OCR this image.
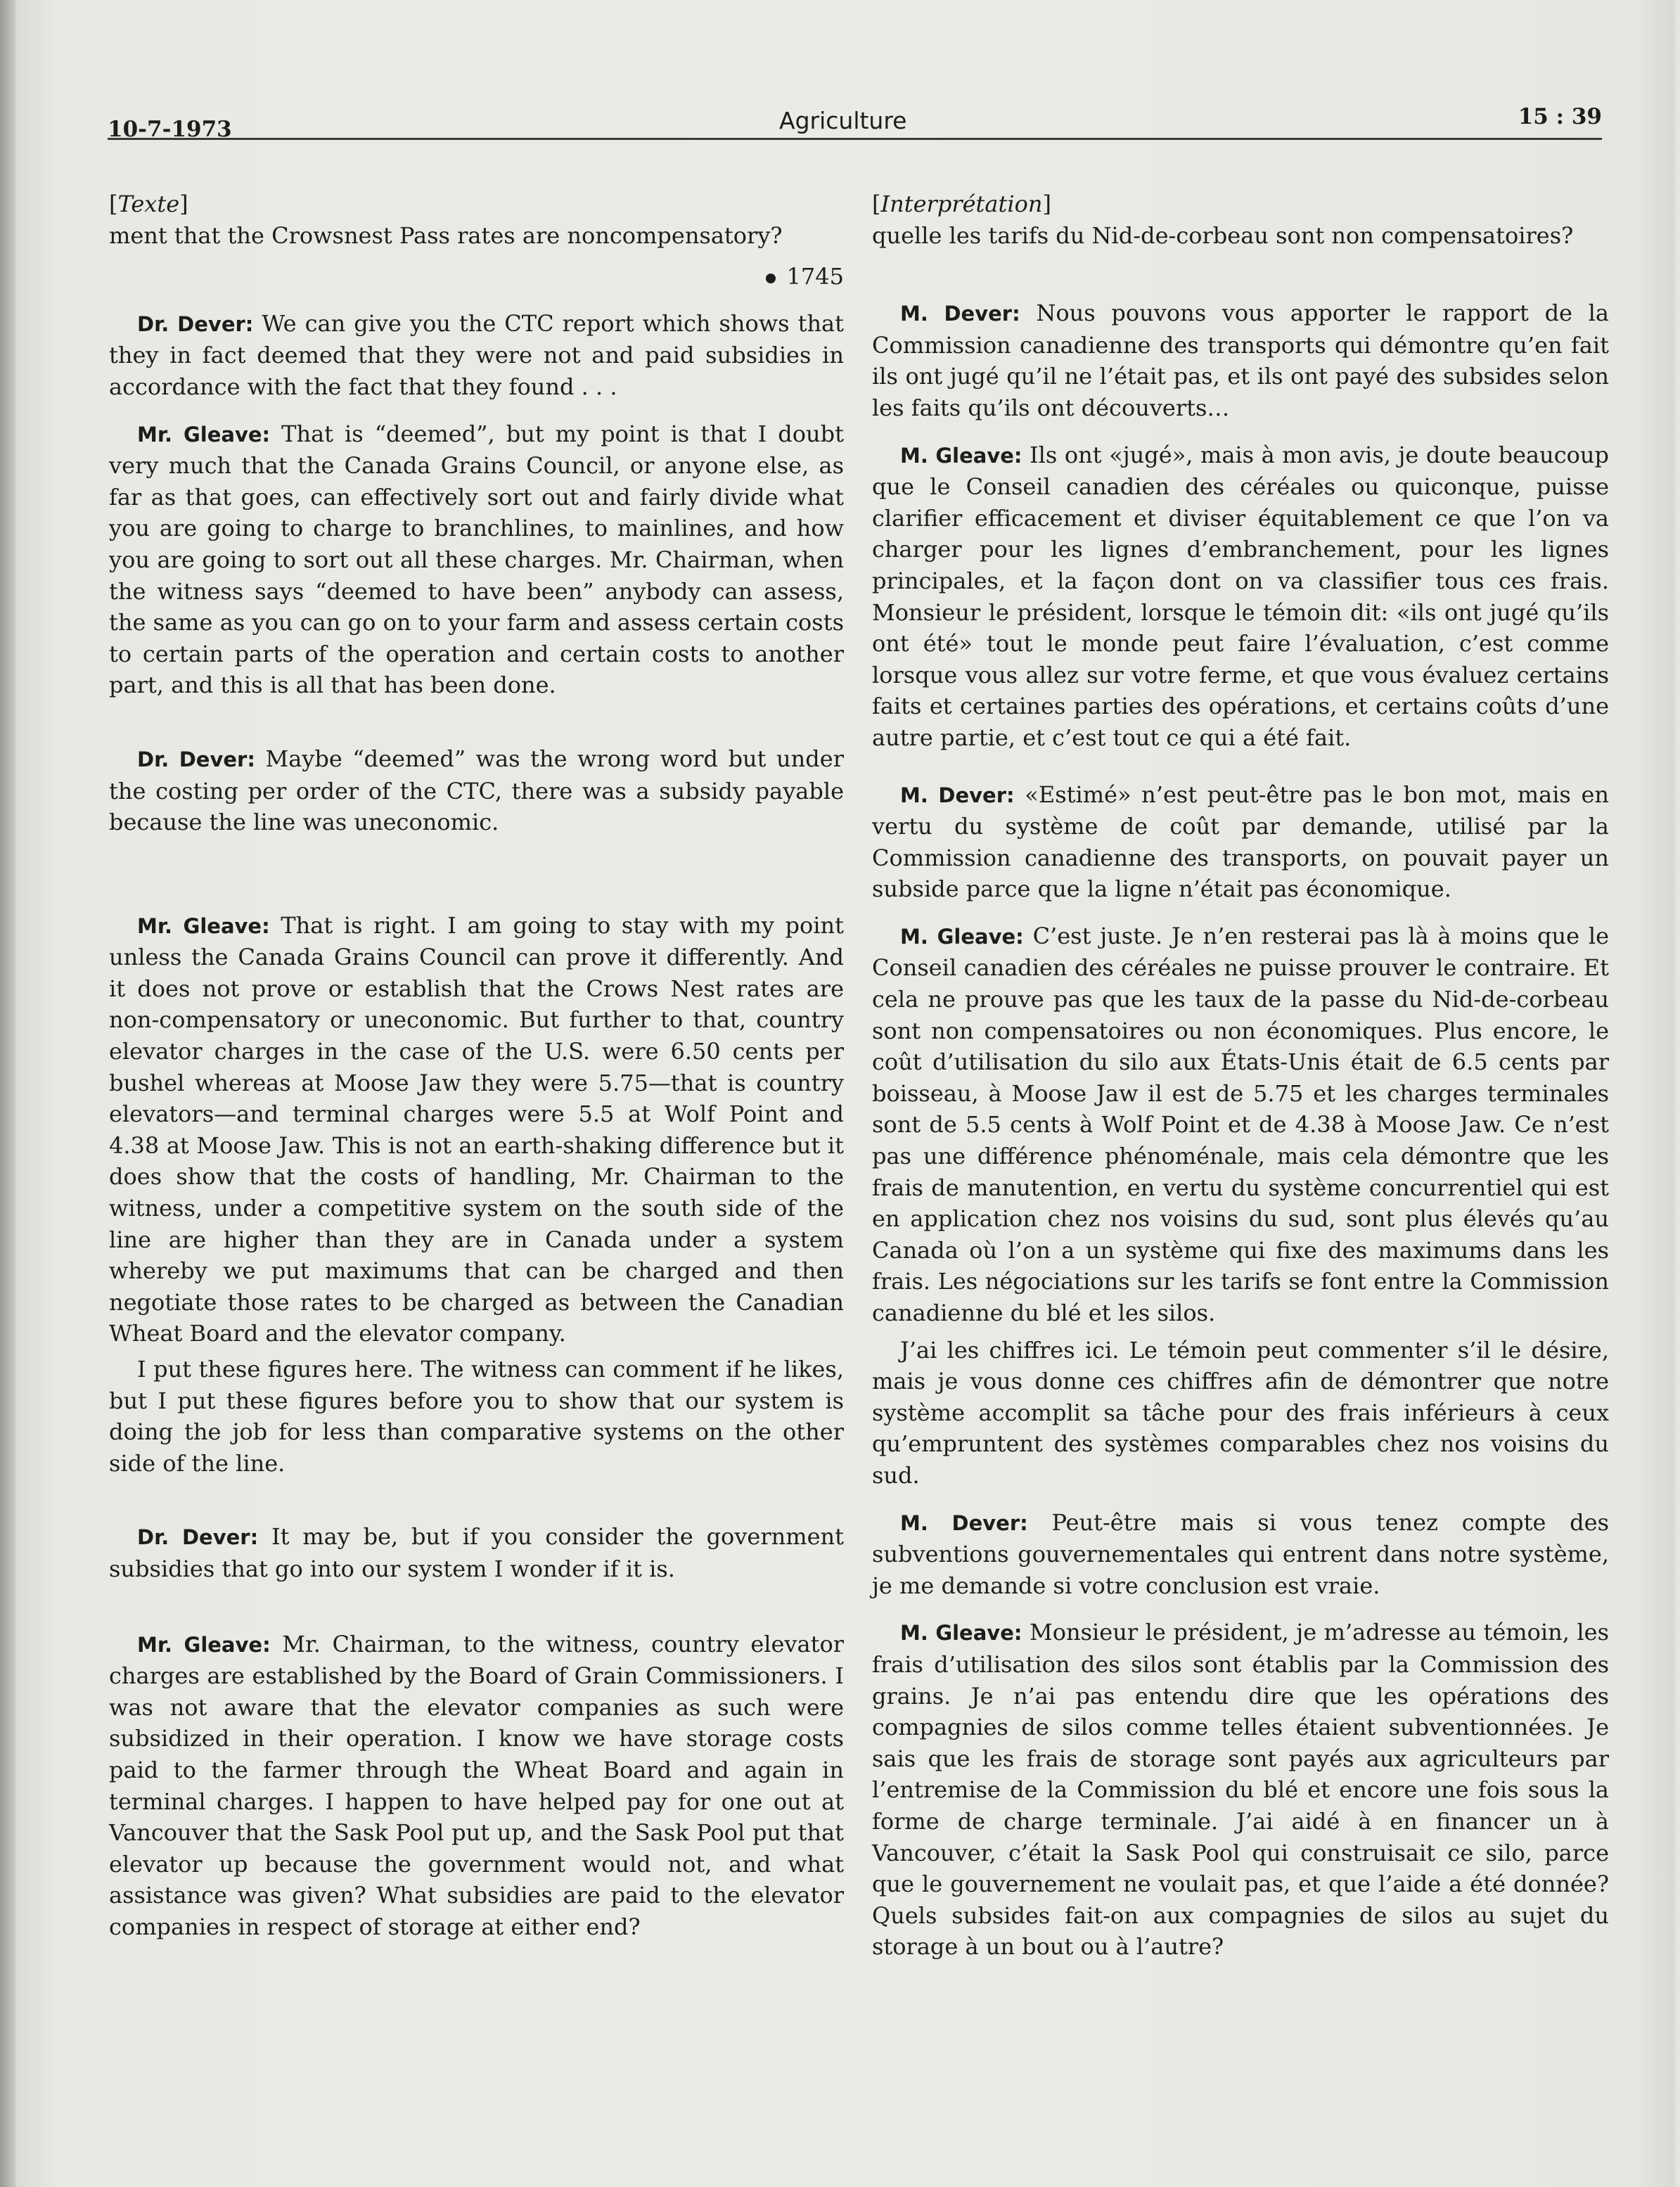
10-7-1973	Agriculture	15 : 39

[Texte]

ment that the Crowsnest Pass rates are noncompensatory?

1745

Dr. Dever: We can give you the CTC report which shows that they in fact deemed that they were not and paid subsidies in accordance with the fact that they found . . .

Mr. Gleave: That is “deemed”, but my point is that I doubt very much that the Canada Grains Council, or anyone else, as far as that goes, can effectively sort out and fairly divide what you are going to charge to branchlines, to mainlines, and how you are going to sort out all these charges. Mr. Chairman, when the witness says “deemed to have been” anybody can assess, the same as you can go on to your farm and assess certain costs to certain parts of the operation and certain costs to another part, and this is all that has been done.

Dr. Dever: Maybe “deemed” was the wrong word but under the costing per order of the CTC, there was a subsidy payable because the line was uneconomic.

Mr. Gleave: That is right. I am going to stay with my point unless the Canada Grains Council can prove it differently. And it does not prove or establish that the Crows Nest rates are non-compensatory or uneconomic. But further to that, country elevator charges in the case of the U.S. were 6.50 cents per bushel whereas at Moose Jaw they were 5.75—that is country elevators—and terminal charges were 5.5 at Wolf Point and 4.38 at Moose Jaw. This is not an earth-shaking difference but it does show that the costs of handling, Mr. Chairman to the witness, under a competitive system on the south side of the line are higher than they are in Canada under a system whereby we put maximums that can be charged and then negotiate those rates to be charged as between the Canadian Wheat Board and the elevator company.

I put these figures here. The witness can comment if he likes, but I put these figures before you to show that our system is doing the job for less than comparative systems on the other side of the line.

Dr. Dever: It may be, but if you consider the government subsidies that go into our system I wonder if it is.

Mr. Gleave: Mr. Chairman, to the witness, country elevator charges are established by the Board of Grain Commissioners. I was not aware that the elevator companies as such were subsidized in their operation. I know we have storage costs paid to the farmer through the Wheat Board and again in terminal charges. I happen to have helped pay for one out at Vancouver that the Sask Pool put up, and the Sask Pool put that elevator up because the government would not, and what assistance was given? What subsidies are paid to the elevator companies in respect of storage at either end?

[Interprétation]

quelle les tarifs du Nid-de-corbeau sont non compensatoires?

M. Dever: Nous pouvons vous apporter le rapport de la Commission canadienne des transports qui démontre qu’en fait ils ont jugé qu’il ne l’était pas, et ils ont payé des subsides selon les faits qu’ils ont découverts…

M. Gleave: Ils ont «jugé», mais à mon avis, je doute beaucoup que le Conseil canadien des céréales ou quiconque, puisse clarifier efficacement et diviser équitablement ce que l’on va charger pour les lignes d’embranchement, pour les lignes principales, et la façon dont on va classifier tous ces frais. Monsieur le président, lorsque le témoin dit: «ils ont jugé qu’ils ont été» tout le monde peut faire l’évaluation, c’est comme lorsque vous allez sur votre ferme, et que vous évaluez certains faits et certaines parties des opérations, et certains coûts d’une autre partie, et c’est tout ce qui a été fait.

M. Dever: «Estimé» n’est peut-être pas le bon mot, mais en vertu du système de coût par demande, utilisé par la Commission canadienne des transports, on pouvait payer un subside parce que la ligne n’était pas économique.

M. Gleave: C’est juste. Je n’en resterai pas là à moins que le Conseil canadien des céréales ne puisse prouver le contraire. Et cela ne prouve pas que les taux de la passe du Nid-de-corbeau sont non compensatoires ou non économiques. Plus encore, le coût d’utilisation du silo aux États-Unis était de 6.5 cents par boisseau, à Moose Jaw il est de 5.75 et les charges terminales sont de 5.5 cents à Wolf Point et de 4.38 à Moose Jaw. Ce n’est pas une différence phénoménale, mais cela démontre que les frais de manutention, en vertu du système concurrentiel qui est en application chez nos voisins du sud, sont plus élevés qu’au Canada où l’on a un système qui fixe des maximums dans les frais. Les négociations sur les tarifs se font entre la Commission canadienne du blé et les silos.

J’ai les chiffres ici. Le témoin peut commenter s’il le désire, mais je vous donne ces chiffres afin de démontrer que notre système accomplit sa tâche pour des frais inférieurs à ceux qu’empruntent des systèmes comparables chez nos voisins du sud.

M. Dever: Peut-être mais si vous tenez compte des subventions gouvernementales qui entrent dans notre système, je me demande si votre conclusion est vraie.

M. Gleave: Monsieur le président, je m’adresse au témoin, les frais d’utilisation des silos sont établis par la Commission des grains. Je n’ai pas entendu dire que les opérations des compagnies de silos comme telles étaient subventionnées. Je sais que les frais de storage sont payés aux agriculteurs par l’entremise de la Commission du blé et encore une fois sous la forme de charge terminale. J’ai aidé à en financer un à Vancouver, c’était la Sask Pool qui construisait ce silo, parce que le gouvernement ne voulait pas, et que l’aide a été donnée? Quels subsides fait-on aux compagnies de silos au sujet du storage à un bout ou à l’autre?
